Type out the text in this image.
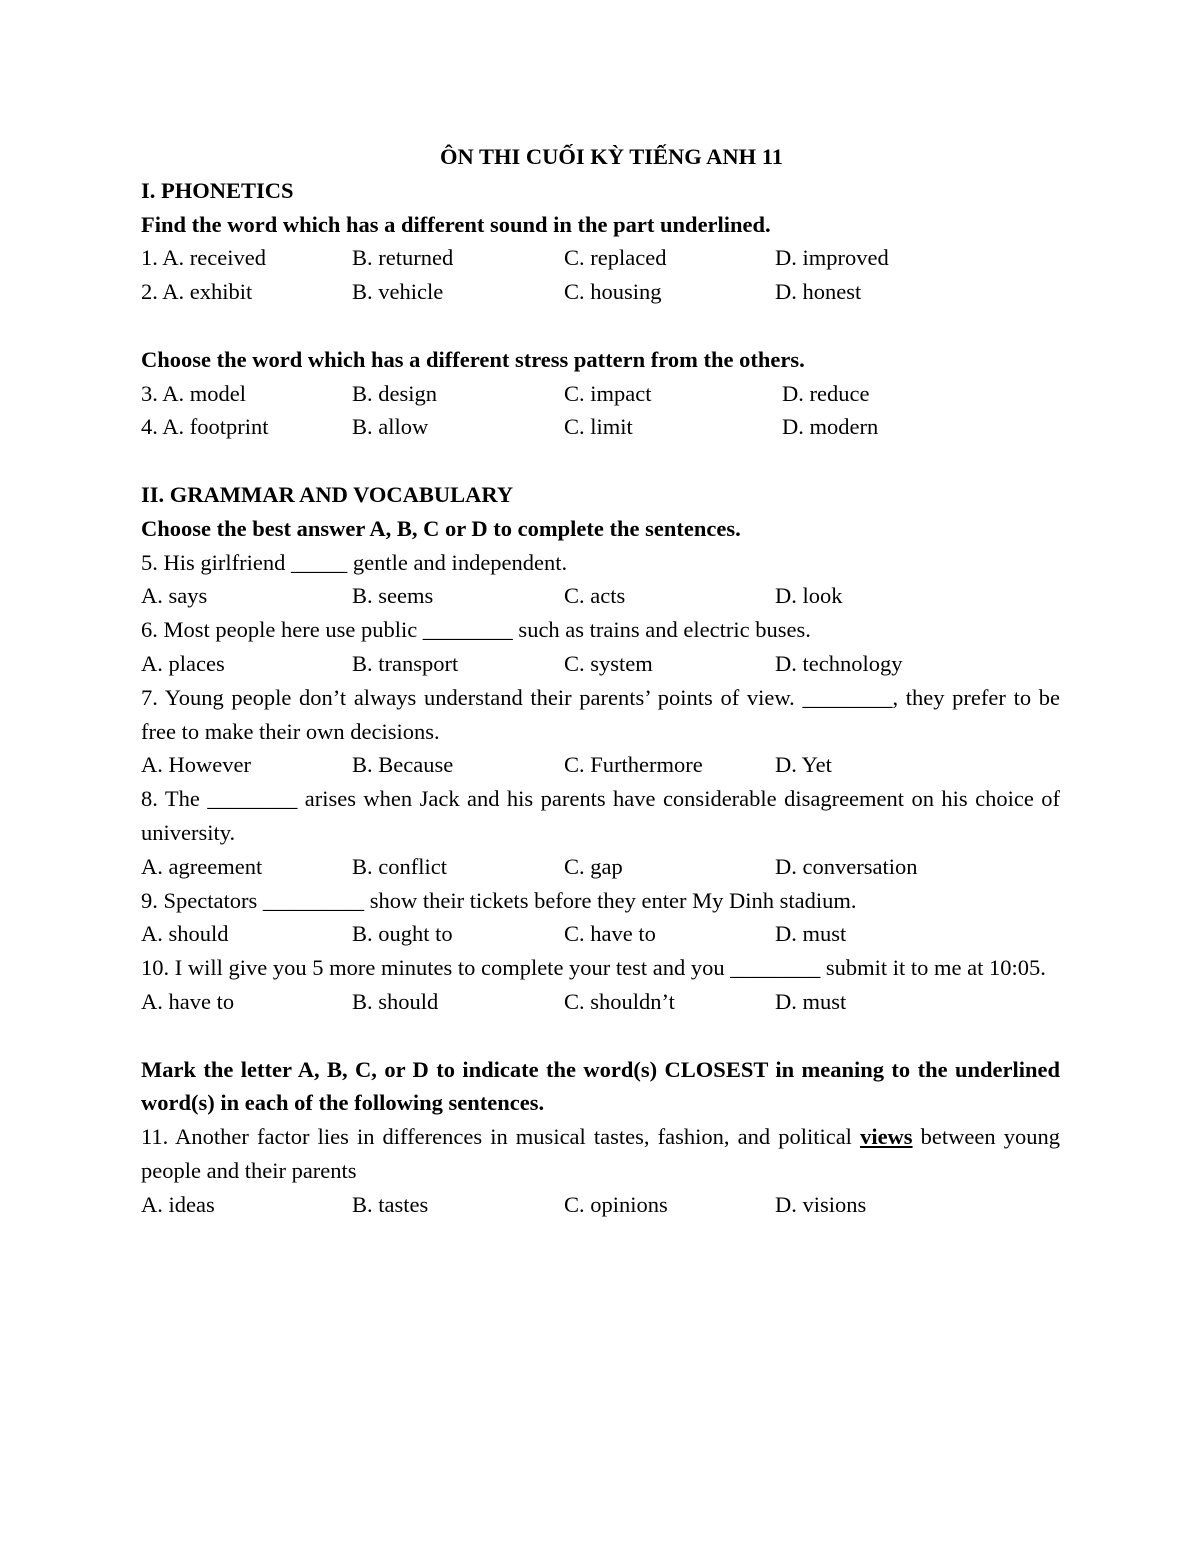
ÔN THI CUỐI KỲ TIẾNG ANH 11
I. PHONETICS
Find the word which has a different sound in the part underlined.
1. A. received	B. returned	C. replaced	D. improved
2. A. exhibit	B. vehicle	C. housing	D. honest
Choose the word which has a different stress pattern from the others.
3. A. model	B. design	C. impact	D. reduce
4. A. footprint	B. allow	C. limit	D. modern
II. GRAMMAR AND VOCABULARY
Choose the best answer A, B, C or D to complete the sentences.
5. His girlfriend _____ gentle and independent.
A. says	B. seems	C. acts	D. look
6. Most people here use public ________ such as trains and electric buses.
A. places	B. transport	C. system	D. technology
7. Young people don’t always understand their parents’ points of view. ________, they prefer to be free to make their own decisions.
A. However	B. Because	C. Furthermore	D. Yet
8. The ________ arises when Jack and his parents have considerable disagreement on his choice of university.
A. agreement	B. conflict	C. gap	D. conversation
9. Spectators _________ show their tickets before they enter My Dinh stadium.
A. should	B. ought to	C. have to	D. must
10. I will give you 5 more minutes to complete your test and you ________ submit it to me at 10:05.
A. have to	B. should	C. shouldn’t	D. must
Mark the letter A, B, C, or D to indicate the word(s) CLOSEST in meaning to the underlined word(s) in each of the following sentences.
11. Another factor lies in differences in musical tastes, fashion, and political views between young people and their parents
A. ideas	B. tastes	C. opinions	D. visions
